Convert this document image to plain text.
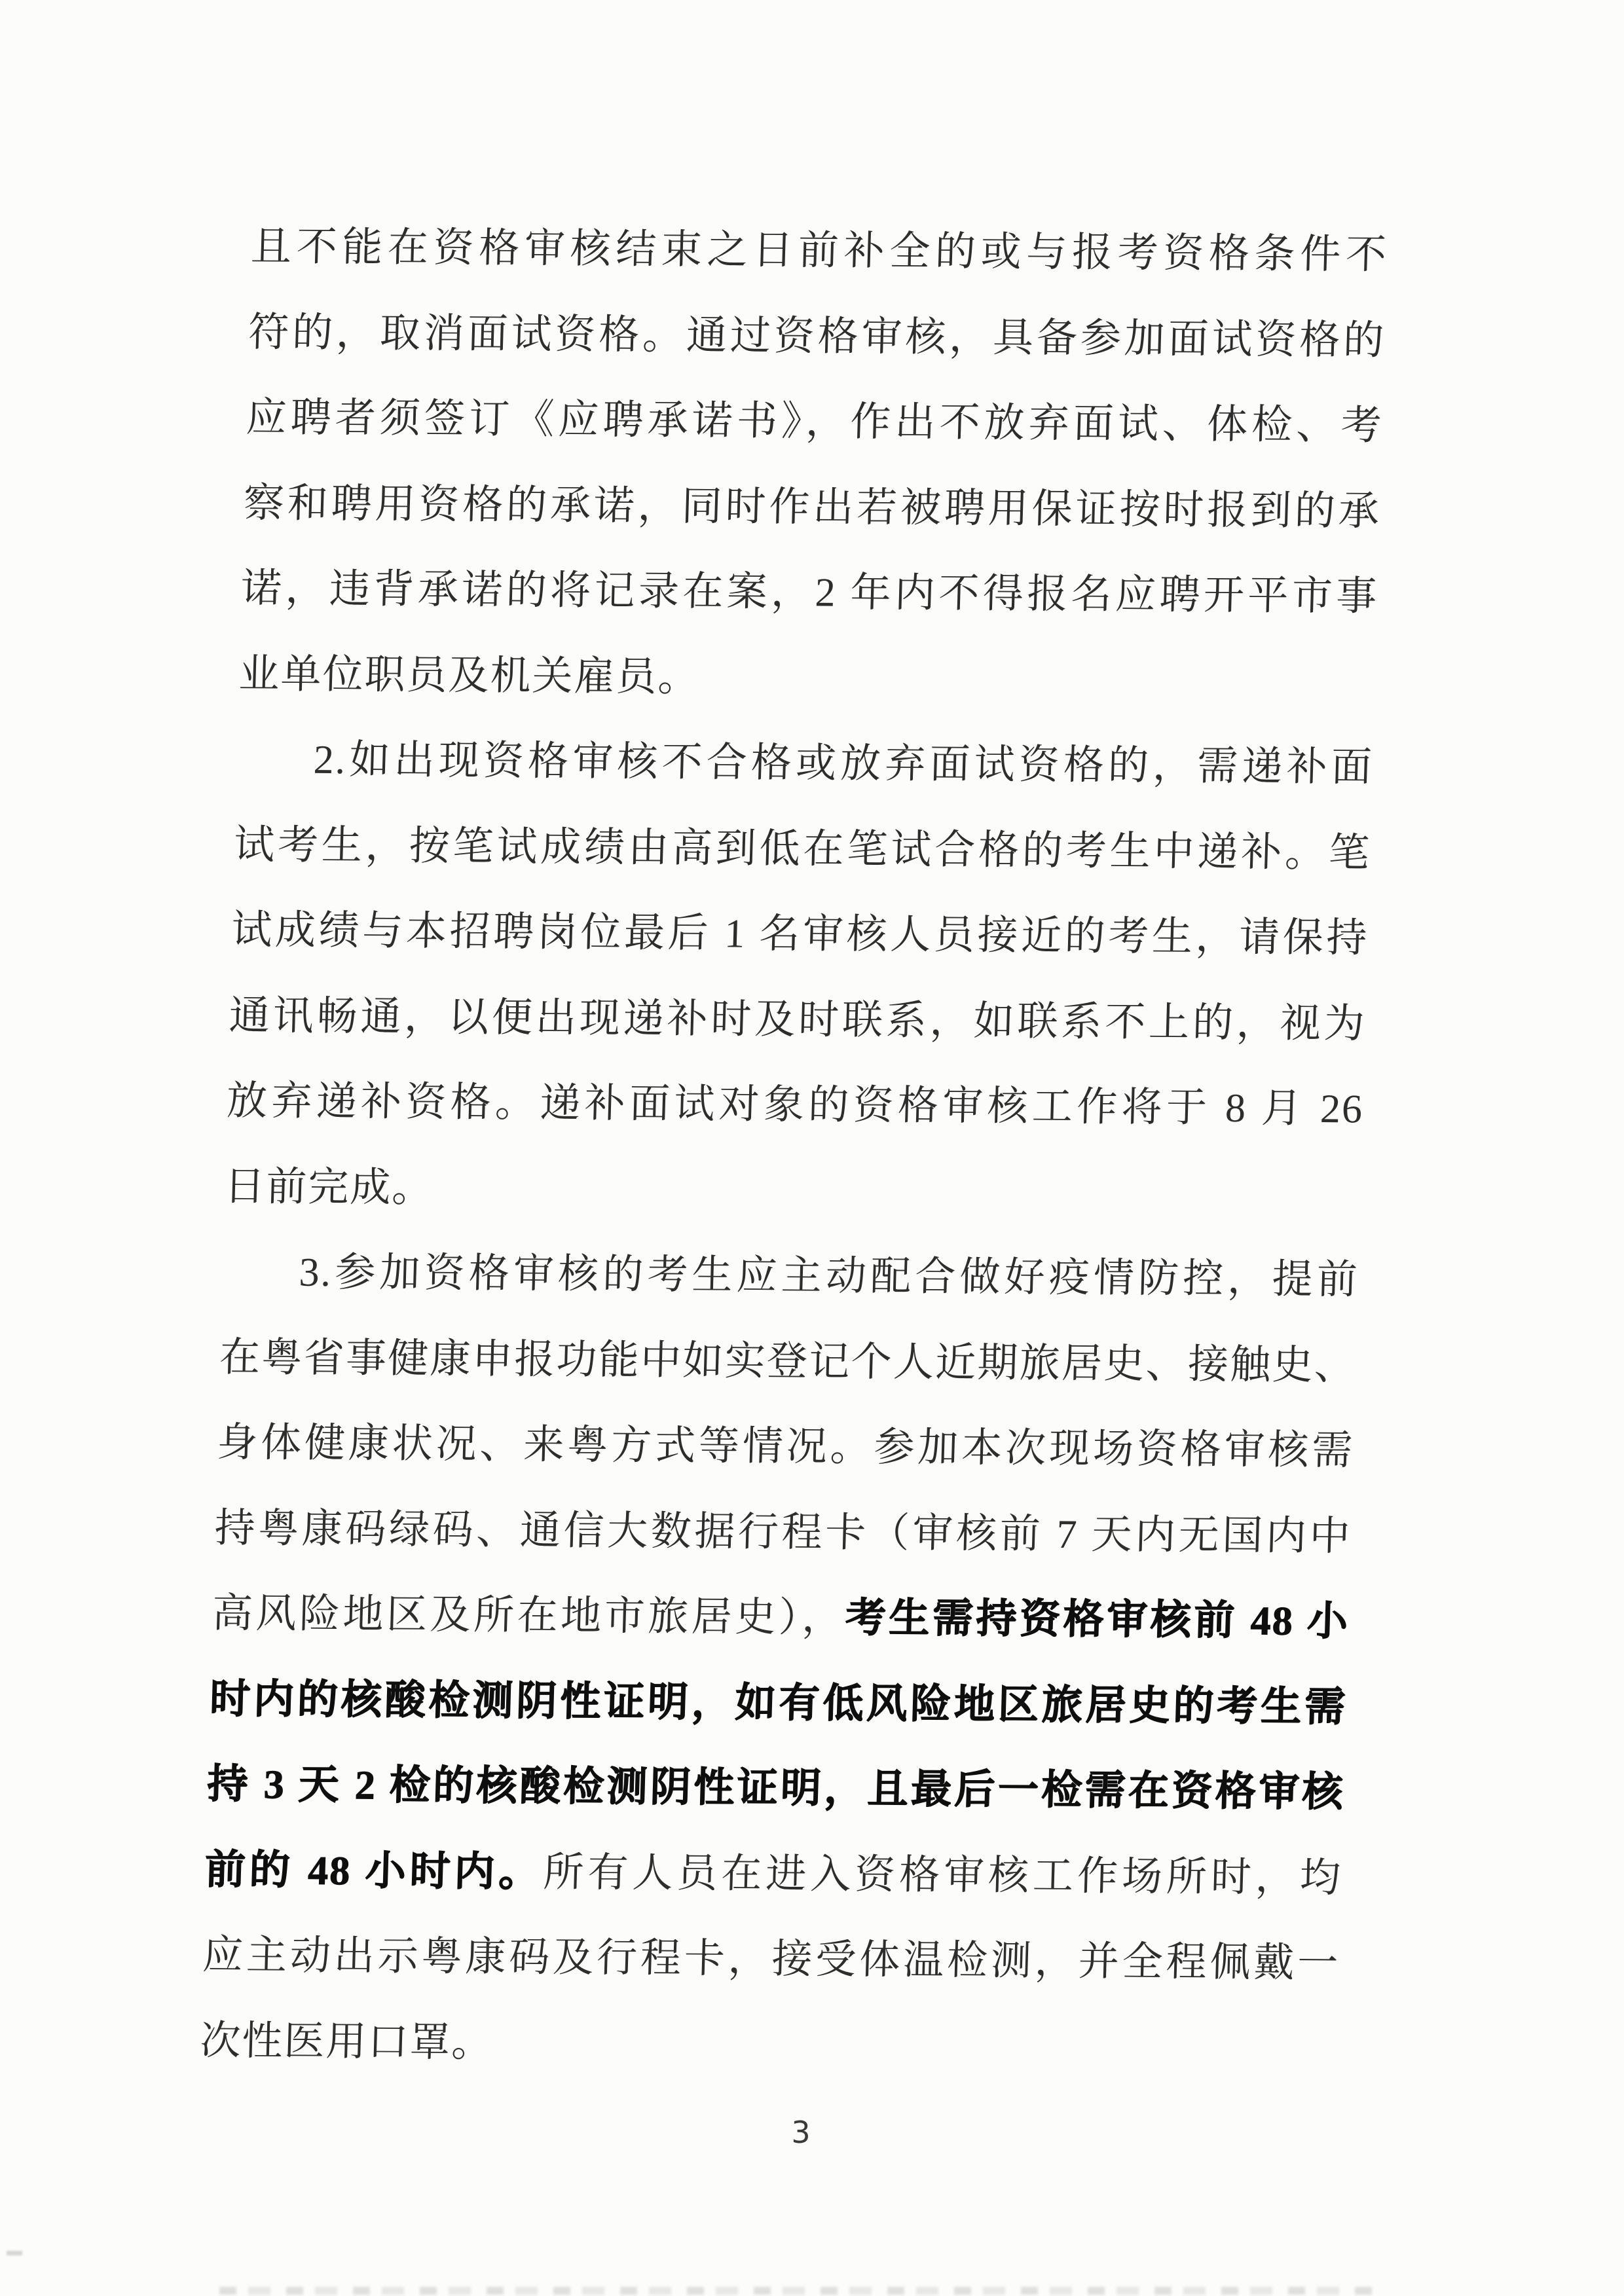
且不能在资格审核结束之日前补全的或与报考资格条件不
符的，取消面试资格。通过资格审核，具备参加面试资格的
应聘者须签订《应聘承诺书》，作出不放弃面试、体检、考
察和聘用资格的承诺，同时作出若被聘用保证按时报到的承
诺，违背承诺的将记录在案，2 年内不得报名应聘开平市事
业单位职员及机关雇员。
2.如出现资格审核不合格或放弃面试资格的，需递补面
试考生，按笔试成绩由高到低在笔试合格的考生中递补。笔
试成绩与本招聘岗位最后 1 名审核人员接近的考生，请保持
通讯畅通，以便出现递补时及时联系，如联系不上的，视为
放弃递补资格。递补面试对象的资格审核工作将于 8 月 26
日前完成。
3.参加资格审核的考生应主动配合做好疫情防控，提前
在粤省事健康申报功能中如实登记个人近期旅居史、接触史、
身体健康状况、来粤方式等情况。参加本次现场资格审核需
持粤康码绿码、通信大数据行程卡（审核前 7 天内无国内中
高风险地区及所在地市旅居史），考生需持资格审核前 48 小
时内的核酸检测阴性证明，如有低风险地区旅居史的考生需
持 3 天 2 检的核酸检测阴性证明，且最后一检需在资格审核
前的 48 小时内。所有人员在进入资格审核工作场所时，均
应主动出示粤康码及行程卡，接受体温检测，并全程佩戴一
次性医用口罩。
3
